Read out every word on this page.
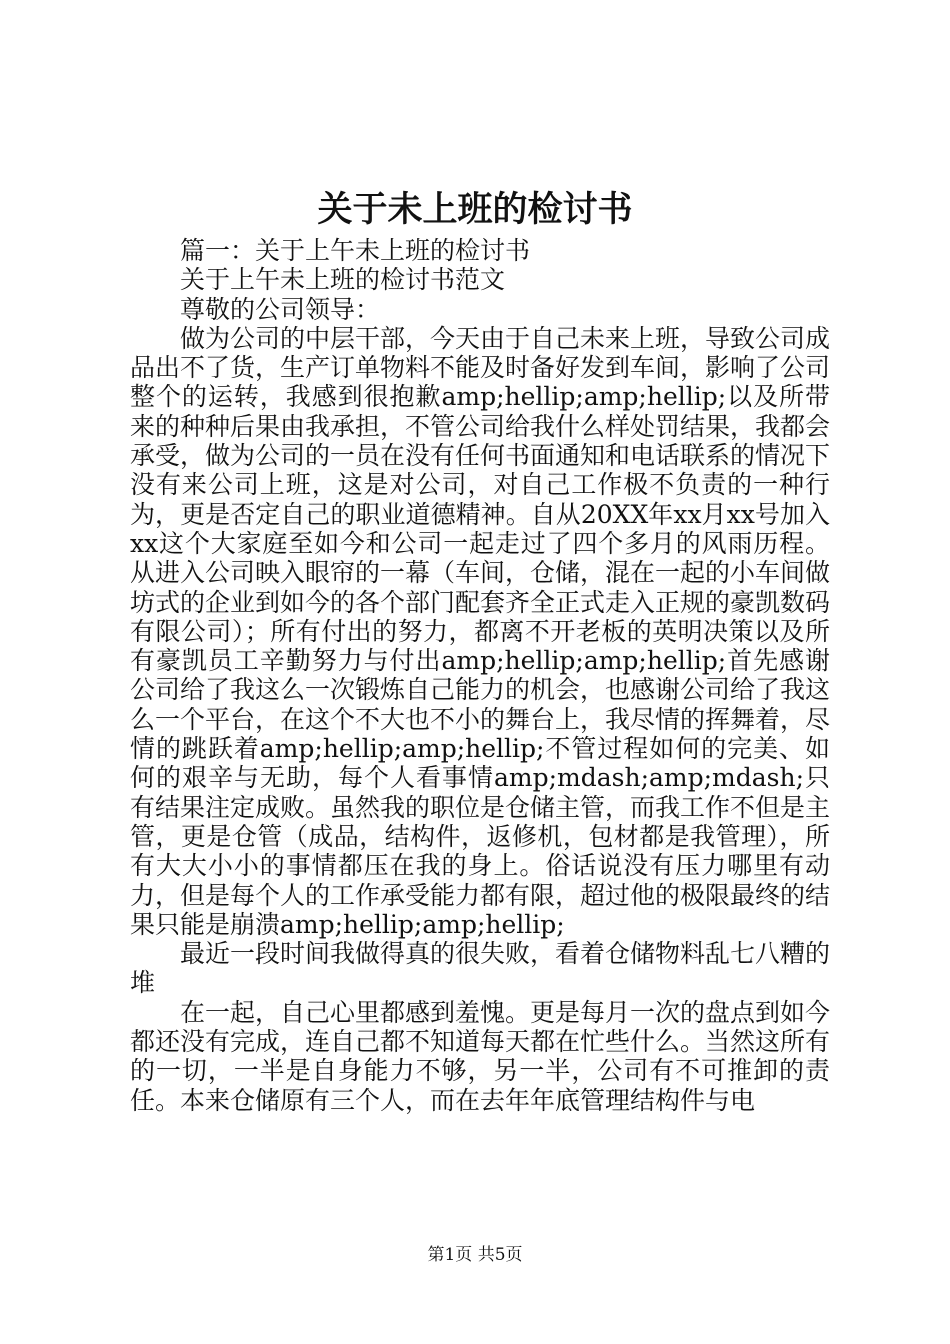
关于未上班的检讨书

篇一：关于上午未上班的检讨书

关于上午未上班的检讨书范文

尊敬的公司领导：

做为公司的中层干部，今天由于自己未来上班，导致公司成品出不了货，生产订单物料不能及时备好发到车间，影响了公司整个的运转，我感到很抱歉amp;hellip;amp;hellip;以及所带来的种种后果由我承担，不管公司给我什么样处罚结果，我都会承受，做为公司的一员在没有任何书面通知和电话联系的情况下没有来公司上班，这是对公司，对自己工作极不负责的一种行为，更是否定自己的职业道德精神。自从20XX年xx月xx号加入xx这个大家庭至如今和公司一起走过了四个多月的风雨历程。从进入公司映入眼帘的一幕（车间，仓储，混在一起的小车间做坊式的企业到如今的各个部门配套齐全正式走入正规的豪凯数码有限公司）；所有付出的努力，都离不开老板的英明决策以及所有豪凯员工辛勤努力与付出amp;hellip;amp;hellip;首先感谢公司给了我这么一次锻炼自己能力的机会，也感谢公司给了我这么一个平台，在这个不大也不小的舞台上，我尽情的挥舞着，尽情的跳跃着amp;hellip;amp;hellip;不管过程如何的完美、如何的艰辛与无助，每个人看事情amp;mdash;amp;mdash;只有结果注定成败。虽然我的职位是仓储主管，而我工作不但是主管，更是仓管（成品，结构件，返修机，包材都是我管理），所有大大小小的事情都压在我的身上。俗话说没有压力哪里有动力，但是每个人的工作承受能力都有限，超过他的极限最终的结果只能是崩溃amp;hellip;amp;hellip;

最近一段时间我做得真的很失败，看着仓储物料乱七八糟的堆

在一起，自己心里都感到羞愧。更是每月一次的盘点到如今都还没有完成，连自己都不知道每天都在忙些什么。当然这所有的一切，一半是自身能力不够，另一半，公司有不可推卸的责任。本来仓储原有三个人，而在去年年底管理结构件与电

第1页 共5页
